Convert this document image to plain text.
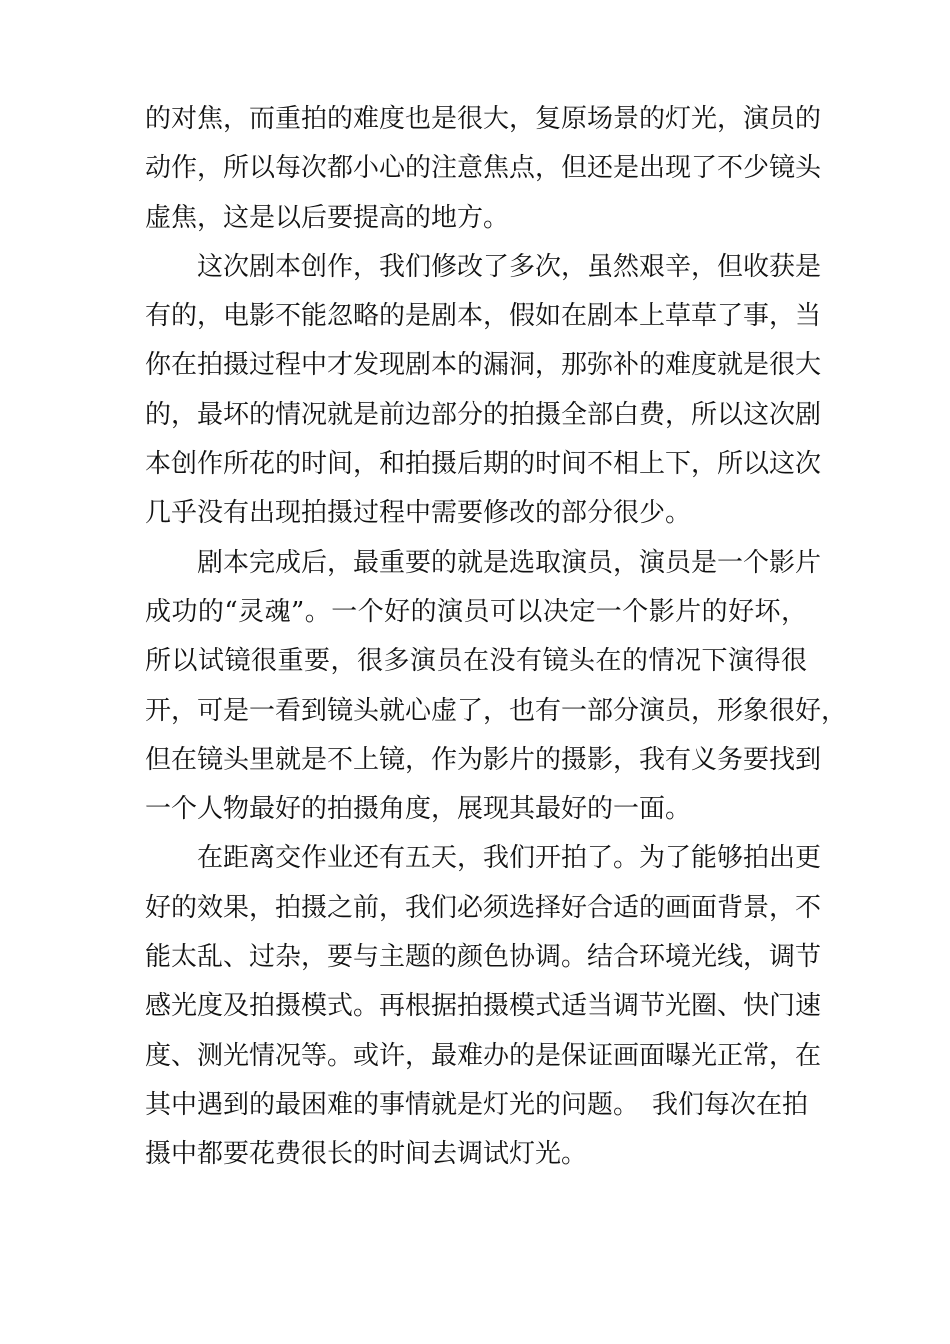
的对焦，而重拍的难度也是很大，复原场景的灯光，演员的
动作，所以每次都小心的注意焦点，但还是出现了不少镜头
虚焦，这是以后要提高的地方。

这次剧本创作，我们修改了多次，虽然艰辛，但收获是
有的，电影不能忽略的是剧本，假如在剧本上草草了事，当
你在拍摄过程中才发现剧本的漏洞，那弥补的难度就是很大
的，最坏的情况就是前边部分的拍摄全部白费，所以这次剧
本创作所花的时间，和拍摄后期的时间不相上下，所以这次
几乎没有出现拍摄过程中需要修改的部分很少。

剧本完成后，最重要的就是选取演员，演员是一个影片
成功的“灵魂”。一个好的演员可以决定一个影片的好坏，
所以试镜很重要，很多演员在没有镜头在的情况下演得很
开，可是一看到镜头就心虚了，也有一部分演员，形象很好，
但在镜头里就是不上镜，作为影片的摄影，我有义务要找到
一个人物最好的拍摄角度，展现其最好的一面。

在距离交作业还有五天，我们开拍了。为了能够拍出更
好的效果，拍摄之前，我们必须选择好合适的画面背景，不
能太乱、过杂，要与主题的颜色协调。结合环境光线，调节
感光度及拍摄模式。再根据拍摄模式适当调节光圈、快门速
度、测光情况等。或许，最难办的是保证画面曝光正常，在
其中遇到的最困难的事情就是灯光的问题。　我们每次在拍
摄中都要花费很长的时间去调试灯光。
